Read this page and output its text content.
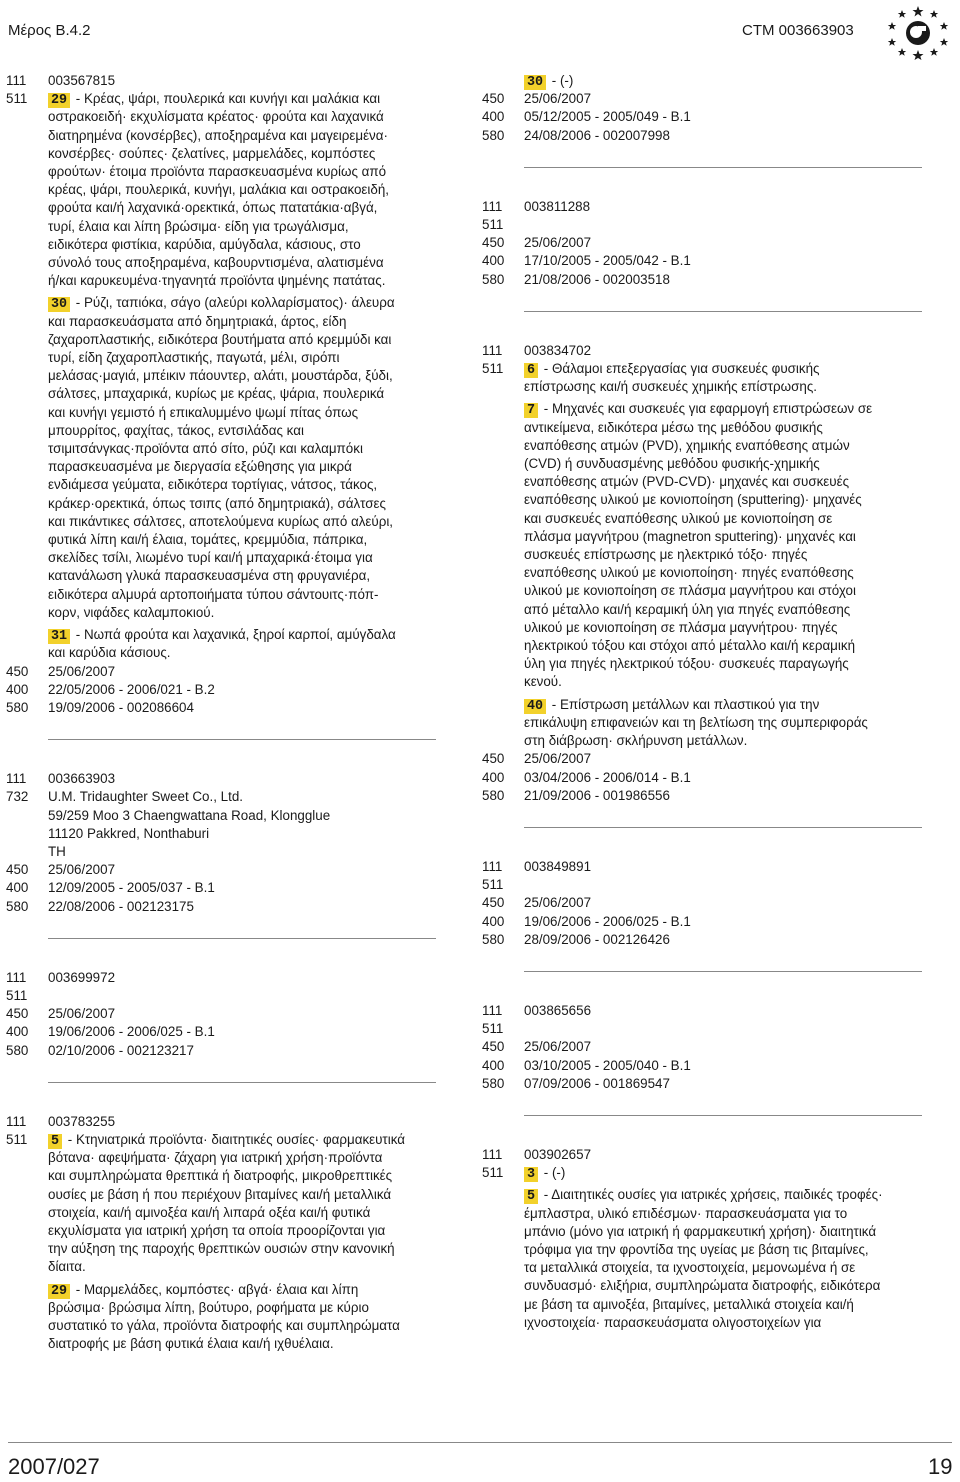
Μέρος Β.4.2	CTM 003663903
111	003567815
511	29 - Κρέας, ψάρι, πουλερικά και κυνήγι και μαλάκια και
οστρακοειδή· εκχυλίσματα κρέατος· φρούτα και λαχανικά
διατηρημένα (κονσέρβες), αποξηραμένα και μαγειρεμένα·
κονσέρβες· σούπες· ζελατίνες, μαρμελάδες, κομπόστες
φρούτων· έτοιμα προϊόντα παρασκευασμένα κυρίως από
κρέας, ψάρι, πουλερικά, κυνήγι, μαλάκια και οστρακοειδή,
φρούτα και/ή λαχανικά·ορεκτικά, όπως πατατάκια·αβγά,
τυρί, έλαια και λίπη βρώσιμα· είδη για τρωγάλισμα,
ειδικότερα φιστίκια, καρύδια, αμύγδαλα, κάσιους, στο
σύνολό τους αποξηραμένα, καβουρντισμένα, αλατισμένα
ή/και καρυκευμένα·τηγανητά προϊόντα ψημένης πατάτας.
30 - Ρύζι, ταπιόκα, σάγο (αλεύρι κολλαρίσματος)· άλευρα
και παρασκευάσματα από δημητριακά, άρτος, είδη
ζαχαροπλαστικής, ειδικότερα βουτήματα από κρεμμύδι και
τυρί, είδη ζαχαροπλαστικής, παγωτά, μέλι, σιρόπι
μελάσας·μαγιά, μπέικιν πάουντερ, αλάτι, μουστάρδα, ξύδι,
σάλτσες, μπαχαρικά, κυρίως με κρέας, ψάρια, πουλερικά
και κυνήγι γεμιστό ή επικαλυμμένο ψωμί πίτας όπως
μπουρρίτος, φαχίτας, τάκος, εντσιλάδας και
τσιμιτσάνγκας·προϊόντα από σίτο, ρύζι και καλαμπόκι
παρασκευασμένα με διεργασία εξώθησης για μικρά
ενδιάμεσα γεύματα, ειδικότερα τορτίγιας, νάτσος, τάκος,
κράκερ·ορεκτικά, όπως τσιπς (από δημητριακά), σάλτσες
και πικάντικες σάλτσες, αποτελούμενα κυρίως από αλεύρι,
φυτικά λίπη και/ή έλαια, τομάτες, κρεμμύδια, πάπρικα,
σκελίδες τσίλι, λιωμένο τυρί και/ή μπαχαρικά·έτοιμα για
κατανάλωση γλυκά παρασκευασμένα στη φρυγανιέρα,
ειδικότερα αλμυρά αρτοποιήματα τύπου σάντουιτς·πόπ-
κορν, νιφάδες καλαμποκιού.
31 - Νωπά φρούτα και λαχανικά, ξηροί καρποί, αμύγδαλα
και καρύδια κάσιους.
450	25/06/2007
400	22/05/2006 - 2006/021 - B.2
580	19/09/2006 - 002086604
111	003663903
732	U.M. Tridaughter Sweet Co., Ltd.
59/259 Moo 3 Chaengwattana Road, Klongglue
11120 Pakkred, Nonthaburi
TH
450	25/06/2007
400	12/09/2005 - 2005/037 - B.1
580	22/08/2006 - 002123175
111	003699972
511
450	25/06/2007
400	19/06/2006 - 2006/025 - B.1
580	02/10/2006 - 002123217
111	003783255
511	5 - Κτηνιατρικά προϊόντα· διαιτητικές ουσίες· φαρμακευτικά
βότανα· αφεψήματα· ζάχαρη για ιατρική χρήση·προϊόντα
και συμπληρώματα θρεπτικά ή διατροφής, μικροθρεπτικές
ουσίες με βάση ή που περιέχουν βιταμίνες και/ή μεταλλικά
στοιχεία, και/ή αμινοξέα και/ή λιπαρά οξέα και/ή φυτικά
εκχυλίσματα για ιατρική χρήση τα οποία προορίζονται για
την αύξηση της παροχής θρεπτικών ουσιών στην κανονική
δίαιτα.
29 - Μαρμελάδες, κομπόστες· αβγά· έλαια και λίπη
βρώσιμα· βρώσιμα λίπη, βούτυρο, ροφήματα με κύριο
συστατικό το γάλα, προϊόντα διατροφής και συμπληρώματα
διατροφής με βάση φυτικά έλαια και/ή ιχθυέλαια.
30 - (-)
450	25/06/2007
400	05/12/2005 - 2005/049 - B.1
580	24/08/2006 - 002007998
111	003811288
511
450	25/06/2007
400	17/10/2005 - 2005/042 - B.1
580	21/08/2006 - 002003518
111	003834702
511	6 - Θάλαμοι επεξεργασίας για συσκευές φυσικής
επίστρωσης και/ή συσκευές χημικής επίστρωσης.
7 - Μηχανές και συσκευές για εφαρμογή επιστρώσεων σε
αντικείμενα, ειδικότερα μέσω της μεθόδου φυσικής
εναπόθεσης ατμών (PVD), χημικής εναπόθεσης ατμών
(CVD) ή συνδυασμένης μεθόδου φυσικής-χημικής
εναπόθεσης ατμών (PVD-CVD)· μηχανές και συσκευές
εναπόθεσης υλικού με κονιοποίηση (sputtering)· μηχανές
και συσκευές εναπόθεσης υλικού με κονιοποίηση σε
πλάσμα μαγνήτρου (magnetron sputtering)· μηχανές και
συσκευές επίστρωσης με ηλεκτρικό τόξο· πηγές
εναπόθεσης υλικού με κονιοποίηση· πηγές εναπόθεσης
υλικού με κονιοποίηση σε πλάσμα μαγνήτρου και στόχοι
από μέταλλο και/ή κεραμική ύλη για πηγές εναπόθεσης
υλικού με κονιοποίηση σε πλάσμα μαγνήτρου· πηγές
ηλεκτρικού τόξου και στόχοι από μέταλλο και/ή κεραμική
ύλη για πηγές ηλεκτρικού τόξου· συσκευές παραγωγής
κενού.
40 - Επίστρωση μετάλλων και πλαστικού για την
επικάλυψη επιφανειών και τη βελτίωση της συμπεριφοράς
στη διάβρωση· σκλήρυνση μετάλλων.
450	25/06/2007
400	03/04/2006 - 2006/014 - B.1
580	21/09/2006 - 001986556
111	003849891
511
450	25/06/2007
400	19/06/2006 - 2006/025 - B.1
580	28/09/2006 - 002126426
111	003865656
511
450	25/06/2007
400	03/10/2005 - 2005/040 - B.1
580	07/09/2006 - 001869547
111	003902657
511	3 - (-)
5 - Διαιτητικές ουσίες για ιατρικές χρήσεις, παιδικές τροφές·
έμπλαστρα, υλικό επιδέσμων· παρασκευάσματα για το
μπάνιο (μόνο για ιατρική ή φαρμακευτική χρήση)· διαιτητικά
τρόφιμα για την φροντίδα της υγείας με βάση τις βιταμίνες,
τα μεταλλικά στοιχεία, τα ιχνοστοιχεία, μεμονωμένα ή σε
συνδυασμό· ελιξήρια, συμπληρώματα διατροφής, ειδικότερα
με βάση τα αμινοξέα, βιταμίνες, μεταλλικά στοιχεία και/ή
ιχνοστοιχεία· παρασκευάσματα ολιγοστοιχείων για
2007/027	19
